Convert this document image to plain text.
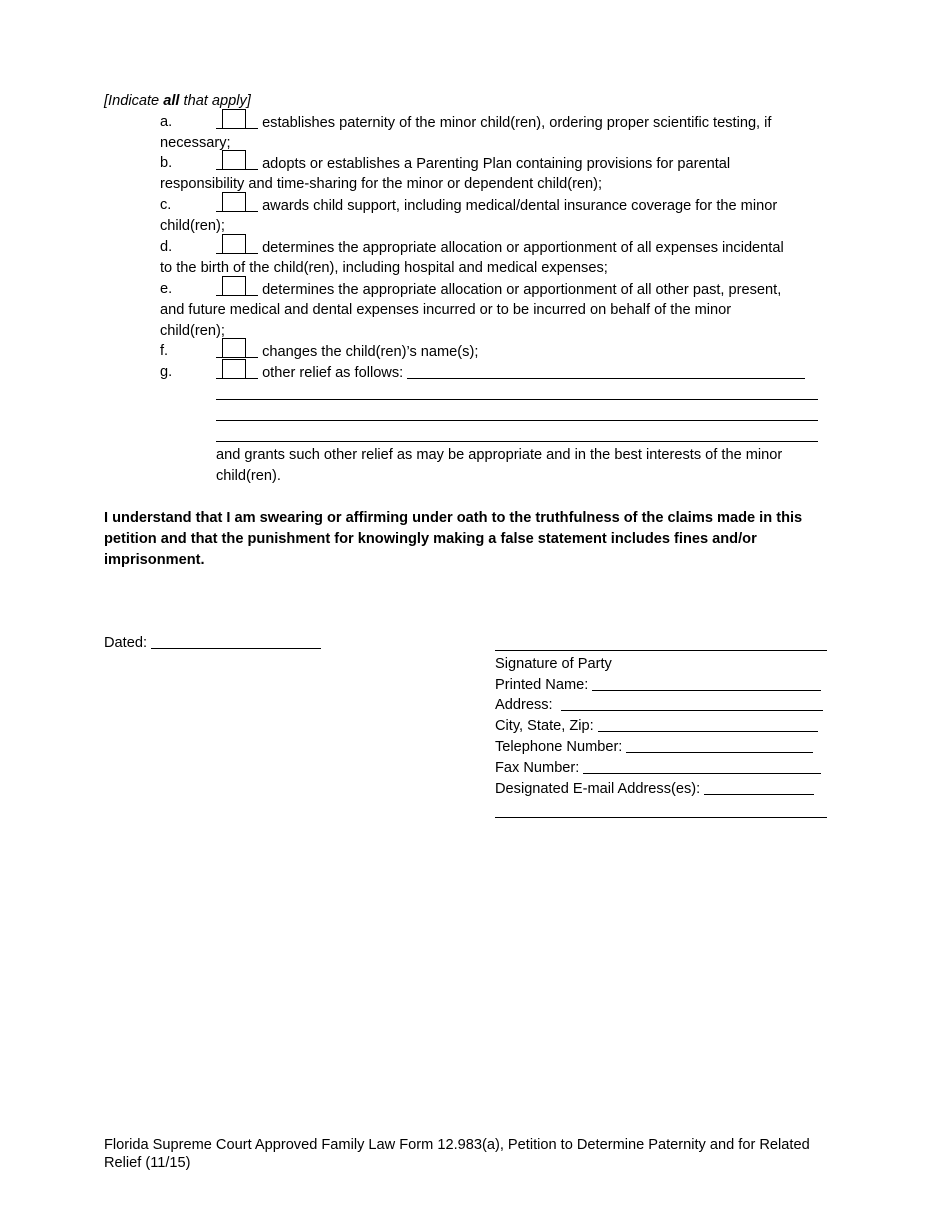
[Indicate all that apply]
a.	establishes paternity of the minor child(ren), ordering proper scientific testing, if
necessary;
b.	adopts or establishes a Parenting Plan containing provisions for parental
responsibility and time-sharing for the minor or dependent child(ren);
c.	awards child support, including medical/dental insurance coverage for the minor
child(ren);
d.	determines the appropriate allocation or apportionment of all expenses incidental
to the birth of the child(ren), including hospital and medical expenses;
e.	determines the appropriate allocation or apportionment of all other past, present,
and future medical and dental expenses incurred or to be incurred on behalf of the minor
child(ren);
f.	changes the child(ren)’s name(s);
g.	other relief as follows:
and grants such other relief as may be appropriate and in the best interests of the minor child(ren).
I understand that I am swearing or affirming under oath to the truthfulness of the claims made in this petition and that the punishment for knowingly making a false statement includes fines and/or imprisonment.
Dated:
Signature of Party
Printed Name:
Address:
City, State, Zip:
Telephone Number:
Fax Number:
Designated E-mail Address(es):
Florida Supreme Court Approved Family Law Form 12.983(a), Petition to Determine Paternity and for Related Relief (11/15)
